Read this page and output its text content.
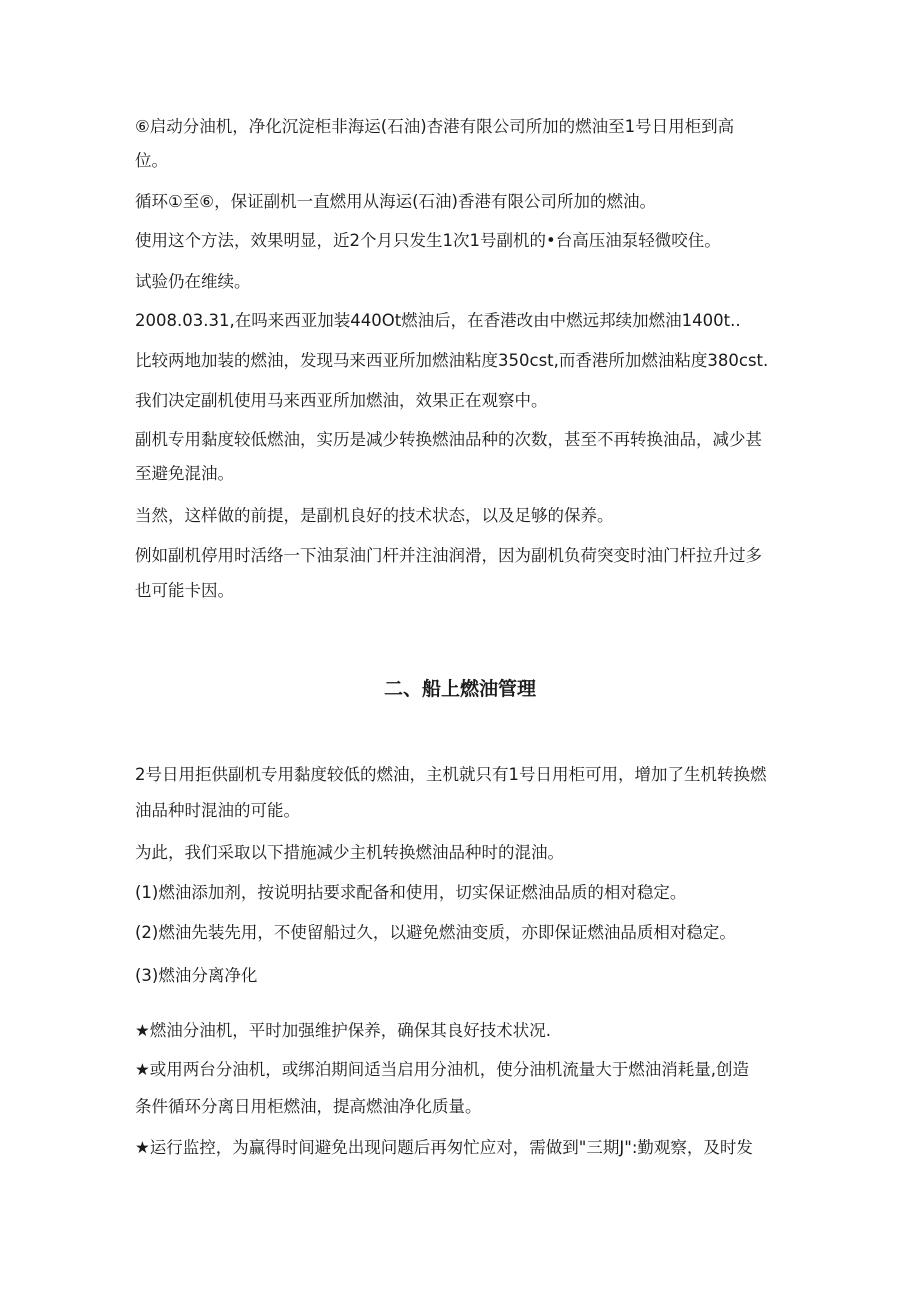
⑥启动分油机，净化沉淀柜非海运(石油)杏港有限公司所加的燃油至1号日用柜到高
位。
循环①至⑥，保证副机一直燃用从海运(石油)香港有限公司所加的燃油。
使用这个方法，效果明显，近2个月只发生1次1号副机的•台高压油泵轻微咬住。
试验仍在维续。
2008.03.31,在吗来西亚加装440Ot燃油后，在香港改由中燃远邦续加燃油1400t..
比较两地加装的燃油，发现马来西亚所加燃油粘度350cst,而香港所加燃油粘度380cst.
我们决定副机使用马来西亚所加燃油，效果正在观察中。
副机专用黏度较低燃油，实历是减少转换燃油品种的次数，甚至不再转换油品，减少甚
至避免混油。
当然，这样做的前提，是副机良好的技术状态，以及足够的保养。
例如副机停用时活络一下油泵油门杆并注油润滑，因为副机负荷突变时油门杆拉升过多
也可能卡因。
二、船上燃油管理
2号日用拒供副机专用黏度较低的燃油，主机就只有1号日用柜可用，增加了生机转换燃
油品种时混油的可能。
为此，我们采取以下措施减少主机转换燃油品种时的混油。
(1)燃油添加剂，按说明拈要求配备和使用，切实保证燃油品质的相对稳定。
(2)燃油先装先用，不使留船过久，以避免燃油变质，亦即保证燃油品质相对稳定。
(3)燃油分离净化
★燃油分油机，平时加强维护保养，确保其良好技术状况.
★或用两台分油机，或绑泊期间适当启用分油机，使分油机流量大于燃油消耗量,创造
条件循环分离日用柜燃油，提高燃油净化质量。
★运行监控，为赢得时间避免出现问题后再匆忙应对，需做到"三期J":勤观察，及时发
